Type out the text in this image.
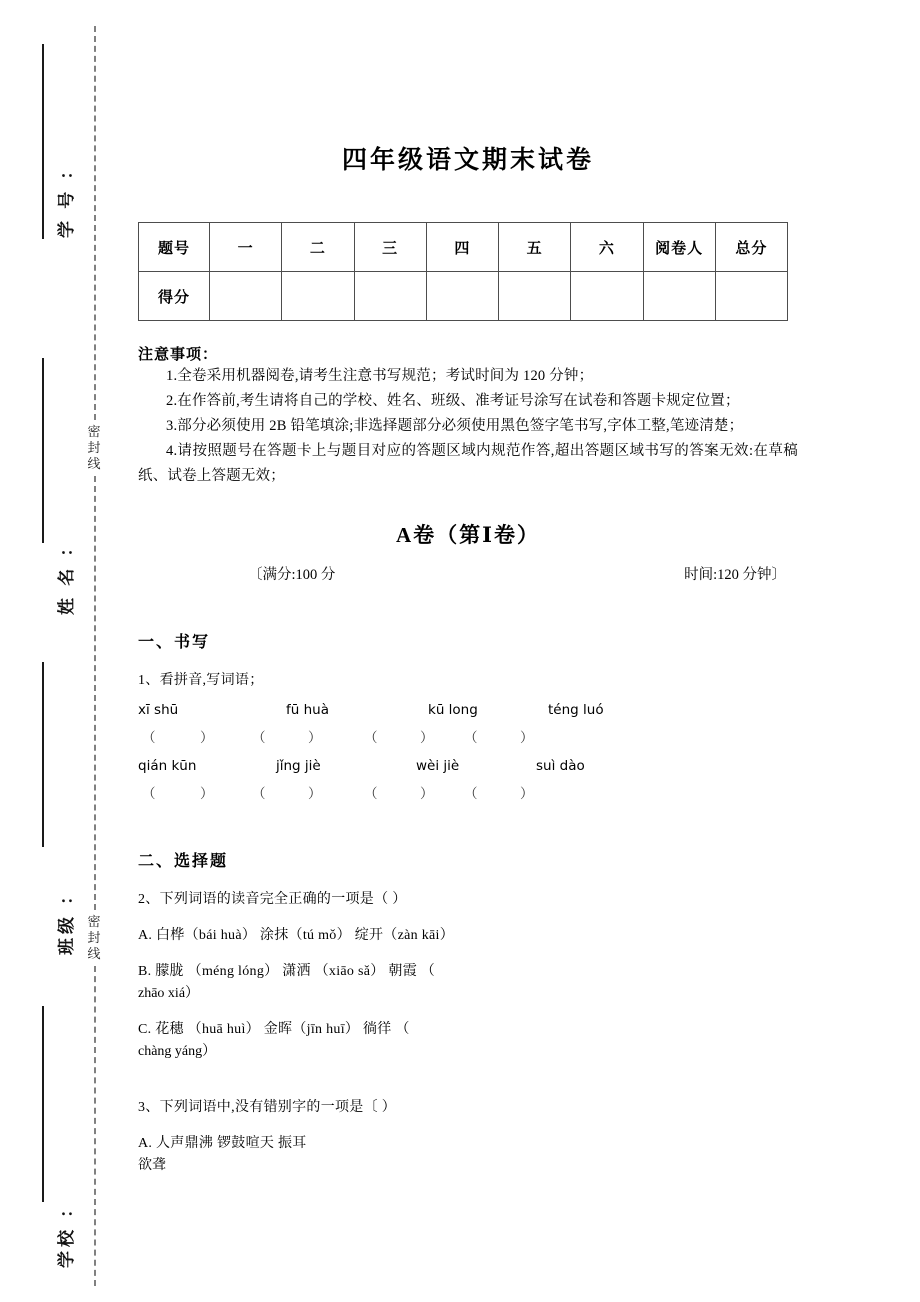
学 号 ：
姓 名 ：
班级 ：
学校 ：
密
封
线
密
封
线
四年级语文期末试卷
题号	一	二	三	四	五	六	阅卷人	总分
得分								
注意事项：
1.全卷采用机器阅卷,请考生注意书写规范；考试时间为 120 分钟；
2.在作答前,考生请将自己的学校、姓名、班级、准考证号涂写在试卷和答题卡规定位置；
3.部分必须使用 2B 铅笔填涂;非选择题部分必须使用黑色签字笔书写,字体工整,笔迹清楚；
4.请按照题号在答题卡上与题目对应的答题区域内规范作答,超出答题区域书写的答案无效:在草稿纸、试卷上答题无效；
A卷（第Ⅰ卷）
〔满分:100 分	时间:120 分钟〕
一、书写
1、看拼音,写词语；
xī shū	fū huà	kū long	téng luó
（	）	（	）	（	） （	）
qián kūn	jǐng jiè	wèi jiè	suì dào
（	）	（	）	（	） （	）
二、选择题
2、下列词语的读音完全正确的一项是（ ）
A. 白桦（bái huà） 涂抹（tú mǒ） 绽开（zàn kāi）
B. 朦胧 （méng lóng） 潇洒 （xiāo sǎ） 朝霞 （
zhāo xiá）
C. 花穗 （huā huì） 金晖（jīn huī） 徜徉 （
chàng yáng）
3、下列词语中,没有错别字的一项是〔 ）
A. 人声鼎沸 锣鼓喧天 振耳
欲聋
